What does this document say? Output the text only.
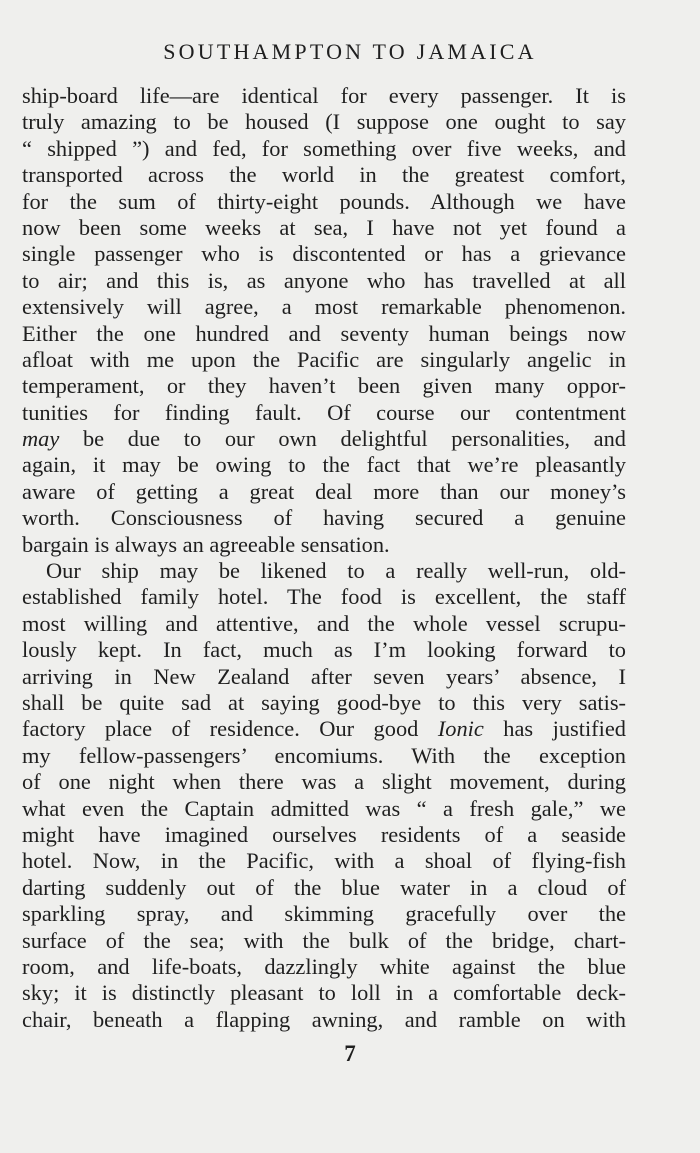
SOUTHAMPTON TO JAMAICA
ship-board life—are identical for every passenger. It is
truly amazing to be housed (I suppose one ought to say
“ shipped ”) and fed, for something over five weeks, and
transported across the world in the greatest comfort,
for the sum of thirty-eight pounds. Although we have
now been some weeks at sea, I have not yet found a
single passenger who is discontented or has a grievance
to air; and this is, as anyone who has travelled at all
extensively will agree, a most remarkable phenomenon.
Either the one hundred and seventy human beings now
afloat with me upon the Pacific are singularly angelic in
temperament, or they haven’t been given many oppor-
tunities for finding fault. Of course our contentment
may be due to our own delightful personalities, and
again, it may be owing to the fact that we’re pleasantly
aware of getting a great deal more than our money’s
worth. Consciousness of having secured a genuine
bargain is always an agreeable sensation.
Our ship may be likened to a really well-run, old-
established family hotel. The food is excellent, the staff
most willing and attentive, and the whole vessel scrupu-
lously kept. In fact, much as I’m looking forward to
arriving in New Zealand after seven years’ absence, I
shall be quite sad at saying good-bye to this very satis-
factory place of residence. Our good Ionic has justified
my fellow-passengers’ encomiums. With the exception
of one night when there was a slight movement, during
what even the Captain admitted was “ a fresh gale,” we
might have imagined ourselves residents of a seaside
hotel. Now, in the Pacific, with a shoal of flying-fish
darting suddenly out of the blue water in a cloud of
sparkling spray, and skimming gracefully over the
surface of the sea; with the bulk of the bridge, chart-
room, and life-boats, dazzlingly white against the blue
sky; it is distinctly pleasant to loll in a comfortable deck-
chair, beneath a flapping awning, and ramble on with
7
